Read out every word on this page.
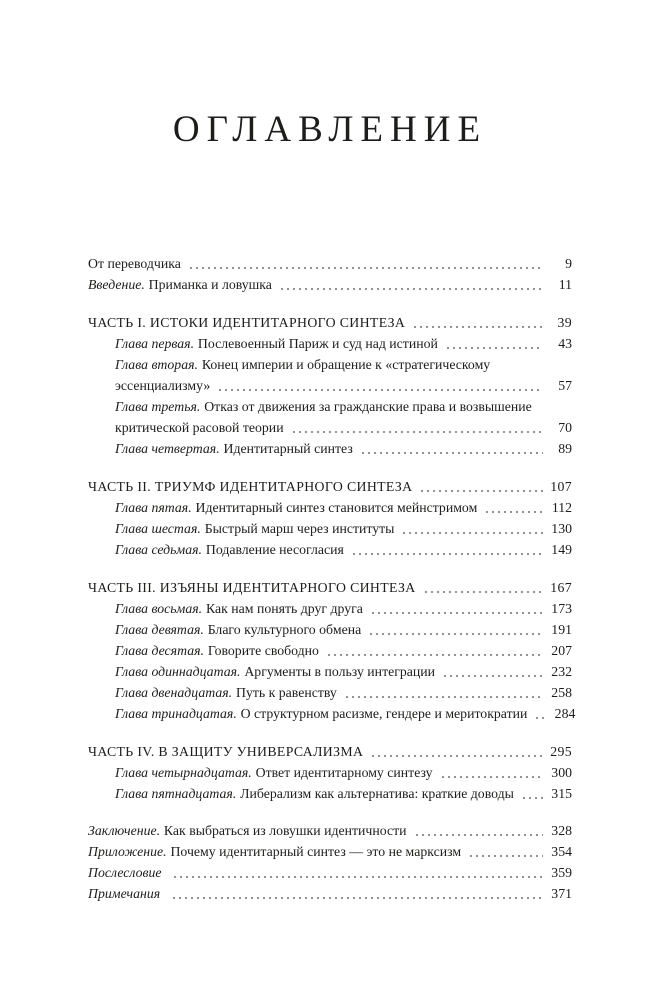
ОГЛАВЛЕНИЕ
От переводчика	9
Введение. Приманка и ловушка	11
ЧАСТЬ I. ИСТОКИ ИДЕНТИТАРНОГО СИНТЕЗА	39
Глава первая. Послевоенный Париж и суд над истиной	43
Глава вторая. Конец империи и обращение к «стратегическому
эссенциализму»	57
Глава третья. Отказ от движения за гражданские права и возвышение
критической расовой теории	70
Глава четвертая. Идентитарный синтез	89
ЧАСТЬ II. ТРИУМФ ИДЕНТИТАРНОГО СИНТЕЗА	107
Глава пятая. Идентитарный синтез становится мейнстримом	112
Глава шестая. Быстрый марш через институты	130
Глава седьмая. Подавление несогласия	149
ЧАСТЬ III. ИЗЪЯНЫ ИДЕНТИТАРНОГО СИНТЕЗА	167
Глава восьмая. Как нам понять друг друга	173
Глава девятая. Благо культурного обмена	191
Глава десятая. Говорите свободно	207
Глава одиннадцатая. Аргументы в пользу интеграции	232
Глава двенадцатая. Путь к равенству	258
Глава тринадцатая. О структурном расизме, гендере и меритократии 284
ЧАСТЬ IV. В ЗАЩИТУ УНИВЕРСАЛИЗМА	295
Глава четырнадцатая. Ответ идентитарному синтезу	300
Глава пятнадцатая. Либерализм как альтернатива: краткие доводы	315
Заключение. Как выбраться из ловушки идентичности	328
Приложение. Почему идентитарный синтез — это не марксизм	354
Послесловие	359
Примечания	371
